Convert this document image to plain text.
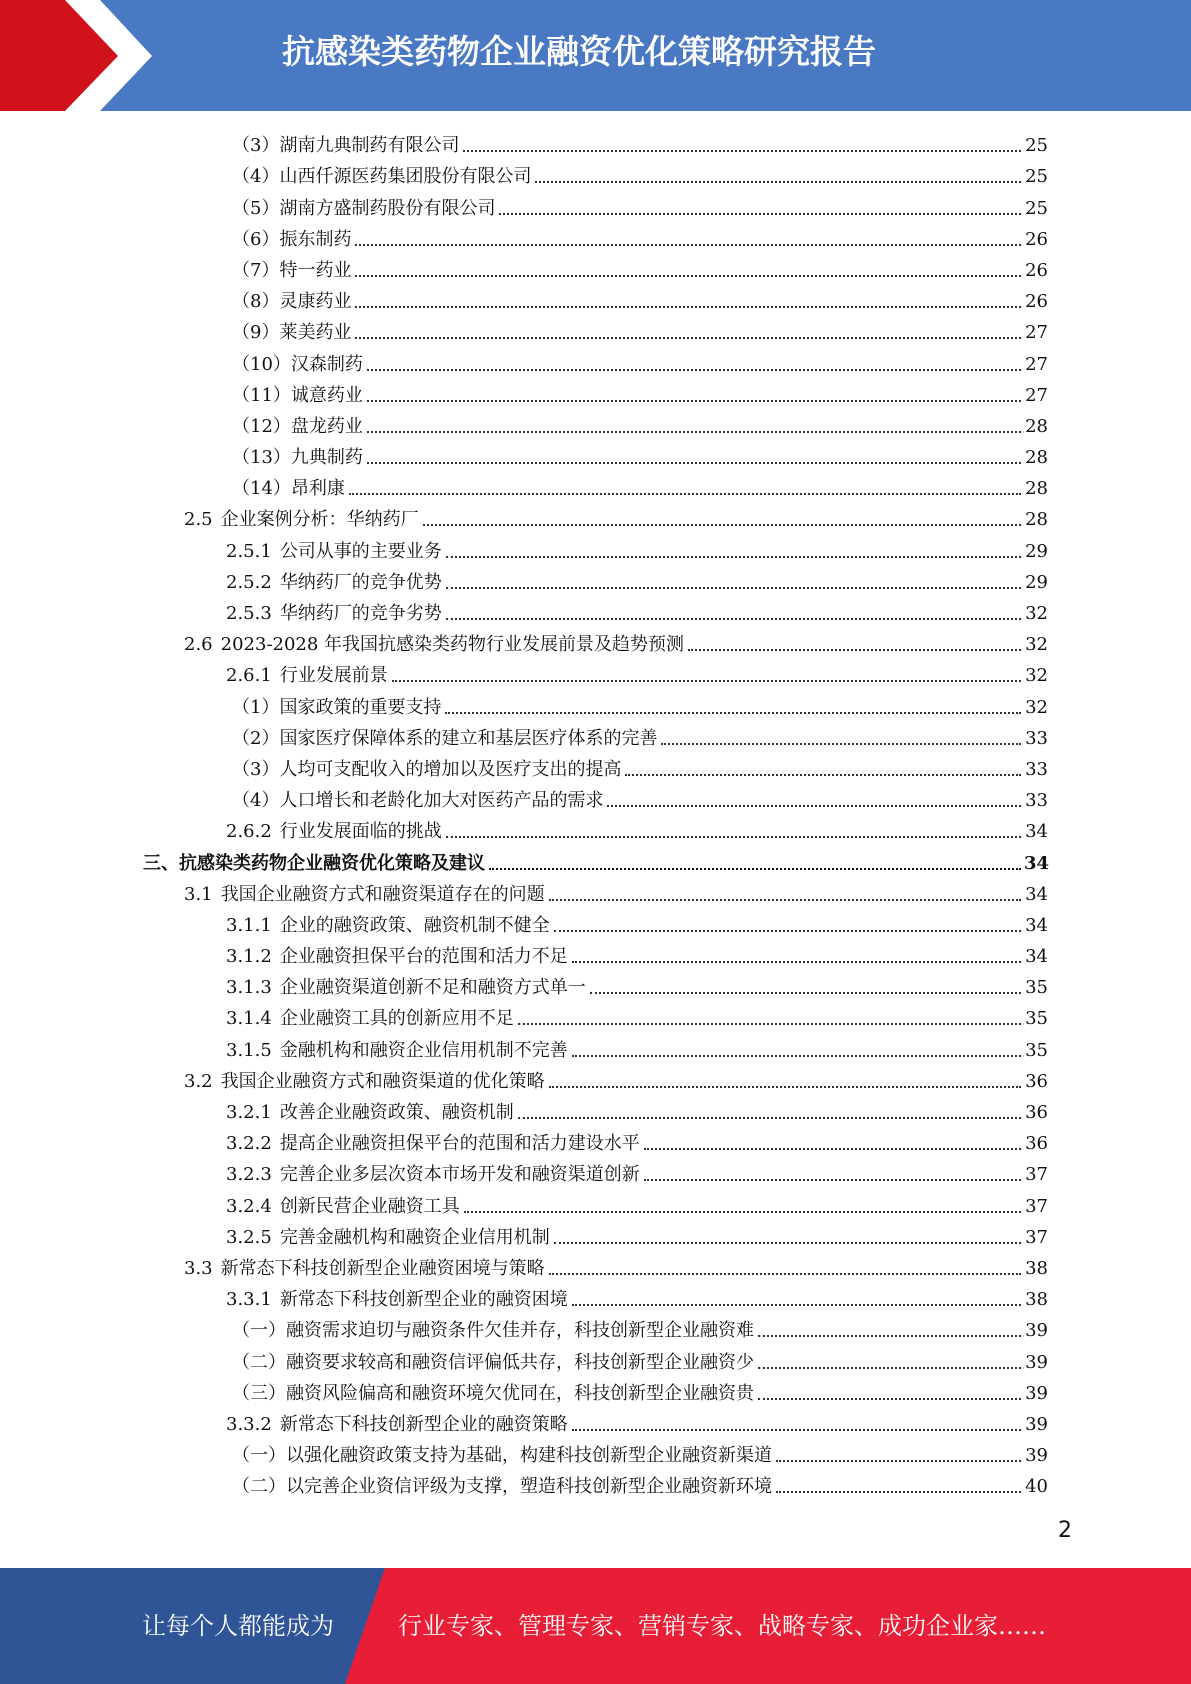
抗感染类药物企业融资优化策略研究报告
（3） 湖南九典制药有限公司	25
（4） 山西仟源医药集团股份有限公司	25
（5） 湖南方盛制药股份有限公司	25
（6） 振东制药	26
（7） 特一药业	26
（8） 灵康药业	26
（9） 莱美药业	27
（10） 汉森制药	27
（11） 诚意药业	27
（12） 盘龙药业	28
（13） 九典制药	28
（14） 昂利康	28
2.5 企业案例分析：华纳药厂	28
2.5.1 公司从事的主要业务	29
2.5.2 华纳药厂的竞争优势	29
2.5.3 华纳药厂的竞争劣势	32
2.6 2023-2028 年我国抗感染类药物行业发展前景及趋势预测	32
2.6.1 行业发展前景	32
（1） 国家政策的重要支持	32
（2） 国家医疗保障体系的建立和基层医疗体系的完善	33
（3） 人均可支配收入的增加以及医疗支出的提高	33
（4） 人口增长和老龄化加大对医药产品的需求	33
2.6.2 行业发展面临的挑战	34
三、 抗感染类药物企业融资优化策略及建议	34
3.1 我国企业融资方式和融资渠道存在的问题	34
3.1.1 企业的融资政策、融资机制不健全	34
3.1.2 企业融资担保平台的范围和活力不足	34
3.1.3 企业融资渠道创新不足和融资方式单一	35
3.1.4 企业融资工具的创新应用不足	35
3.1.5 金融机构和融资企业信用机制不完善	35
3.2 我国企业融资方式和融资渠道的优化策略	36
3.2.1 改善企业融资政策、融资机制	36
3.2.2 提高企业融资担保平台的范围和活力建设水平	36
3.2.3 完善企业多层次资本市场开发和融资渠道创新	37
3.2.4 创新民营企业融资工具	37
3.2.5 完善金融机构和融资企业信用机制	37
3.3 新常态下科技创新型企业融资困境与策略	38
3.3.1 新常态下科技创新型企业的融资困境	38
（一） 融资需求迫切与融资条件欠佳并存，科技创新型企业融资难	39
（二） 融资要求较高和融资信评偏低共存，科技创新型企业融资少	39
（三） 融资风险偏高和融资环境欠优同在，科技创新型企业融资贵	39
3.3.2 新常态下科技创新型企业的融资策略	39
（一） 以强化融资政策支持为基础，构建科技创新型企业融资新渠道	39
（二） 以完善企业资信评级为支撑，塑造科技创新型企业融资新环境	40
2
让每个人都能成为	行业专家、管理专家、营销专家、战略专家、成功企业家……
